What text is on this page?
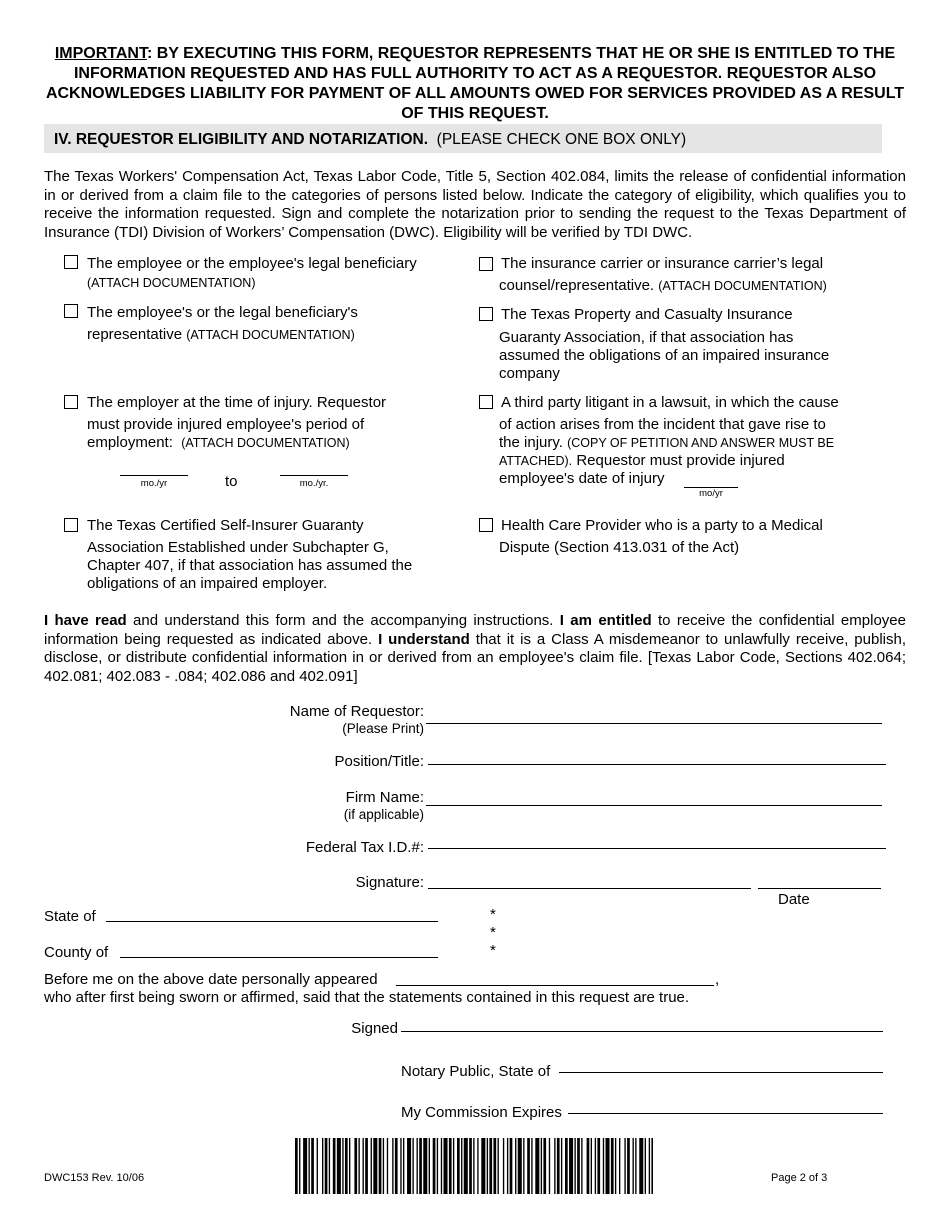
IMPORTANT: BY EXECUTING THIS FORM, REQUESTOR REPRESENTS THAT HE OR SHE IS ENTITLED TO THE INFORMATION REQUESTED AND HAS FULL AUTHORITY TO ACT AS A REQUESTOR. REQUESTOR ALSO ACKNOWLEDGES LIABILITY FOR PAYMENT OF ALL AMOUNTS OWED FOR SERVICES PROVIDED AS A RESULT OF THIS REQUEST.
IV. REQUESTOR ELIGIBILITY AND NOTARIZATION. (PLEASE CHECK ONE BOX ONLY)
The Texas Workers' Compensation Act, Texas Labor Code, Title 5, Section 402.084, limits the release of confidential information in or derived from a claim file to the categories of persons listed below. Indicate the category of eligibility, which qualifies you to receive the information requested. Sign and complete the notarization prior to sending the request to the Texas Department of Insurance (TDI) Division of Workers’ Compensation (DWC). Eligibility will be verified by TDI DWC.
The employee or the employee's legal beneficiary
(ATTACH DOCUMENTATION)
The insurance carrier or insurance carrier’s legal
counsel/representative. (ATTACH DOCUMENTATION)
The employee's or the legal beneficiary's
representative (ATTACH DOCUMENTATION)
The Texas Property and Casualty Insurance
Guaranty Association, if that association has
assumed the obligations of an impaired insurance
company
The employer at the time of injury. Requestor
must provide injured employee's period of
employment: (ATTACH DOCUMENTATION)
mo./yr	to	mo./yr.
A third party litigant in a lawsuit, in which the cause
of action arises from the incident that gave rise to
the injury. (COPY OF PETITION AND ANSWER MUST BE
ATTACHED). Requestor must provide injured
employee's date of injury
mo/yr
The Texas Certified Self-Insurer Guaranty
Association Established under Subchapter G,
Chapter 407, if that association has assumed the
obligations of an impaired employer.
Health Care Provider who is a party to a Medical
Dispute (Section 413.031 of the Act)
I have read and understand this form and the accompanying instructions. I am entitled to receive the confidential employee information being requested as indicated above. I understand that it is a Class A misdemeanor to unlawfully receive, publish, disclose, or distribute confidential information in or derived from an employee's claim file. [Texas Labor Code, Sections 402.064; 402.081; 402.083 - .084; 402.086 and 402.091]
Name of Requestor:
(Please Print)
Position/Title:
Firm Name:
(if applicable)
Federal Tax I.D.#:
Signature:
Date
State of	*
*
*
County of
Before me on the above date personally appeared	,
who after first being sworn or affirmed, said that the statements contained in this request are true.
Signed
Notary Public, State of
My Commission Expires
DWC153 Rev. 10/06	Page 2 of 3
